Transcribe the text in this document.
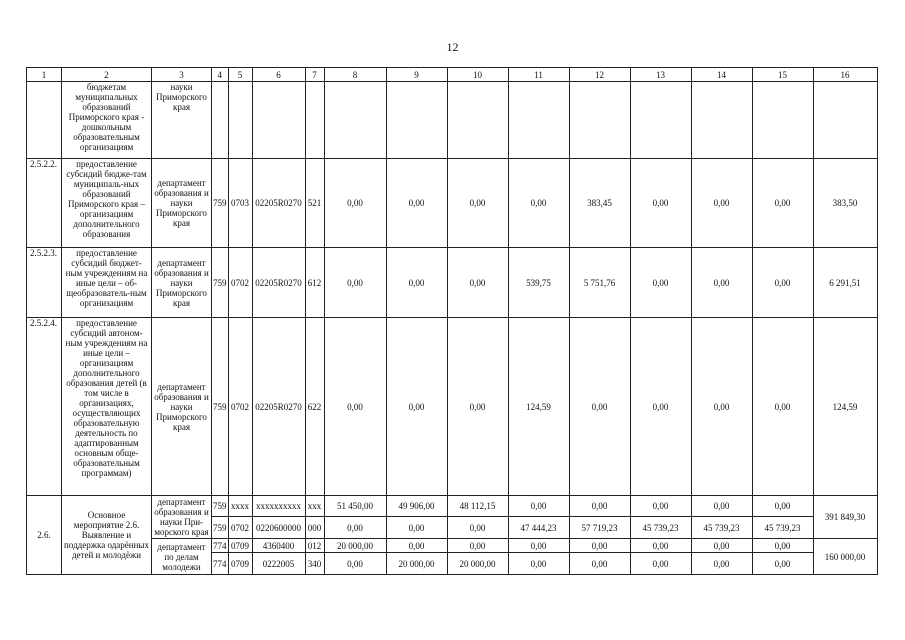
12
1	2	3	4	5	6	7	8	9	10	11	12	13	14	15	16
	бюджетам муниципальных образований Приморского края - дошкольным образовательным организациям	науки Приморского края													
2.5.2.2.	предоставление субсидий бюдже-там муниципаль-ных образований Приморского края – организациям дополнительного образования	департамент образования и науки Приморского края	759	0703	02205R0270	521	0,00	0,00	0,00	0,00	383,45	0,00	0,00	0,00	383,50
2.5.2.3.	предоставление субсидий бюджет-ным учреждениям на иные цели – об-щеобразователь-ным организациям	департамент образования и науки Приморского края	759	0702	02205R0270	612	0,00	0,00	0,00	539,75	5 751,76	0,00	0,00	0,00	6 291,51
2.5.2.4.	предоставление субсидий автоном-ным учреждениям на иные цели – организациям дополнительного образования детей (в том числе в организациях, осуществляющих образовательную деятельность по адаптированным основным обще-образовательным программам)	департамент образования и науки Приморского края	759	0702	02205R0270	622	0,00	0,00	0,00	124,59	0,00	0,00	0,00	0,00	124,59
2.6.	Основное мероприятие 2.6. Выявление и поддержка одарённых детей и молодёжи	департамент образования и науки При-морского края	759	хххх	хххххххххх	ххх	51 450,00	49 906,00	48 112,15	0,00	0,00	0,00	0,00	0,00	391 849,30
			759	0702	0220600000	000	0,00	0,00	0,00	47 444,23	57 719,23	45 739,23	45 739,23	45 739,23	
		департамент по делам молодежи	774	0709	4360400	012	20 000,00	0,00	0,00	0,00	0,00	0,00	0,00	0,00	160 000,00
			774	0709	0222005	340	0,00	20 000,00	20 000,00	0,00	0,00	0,00	0,00	0,00	
